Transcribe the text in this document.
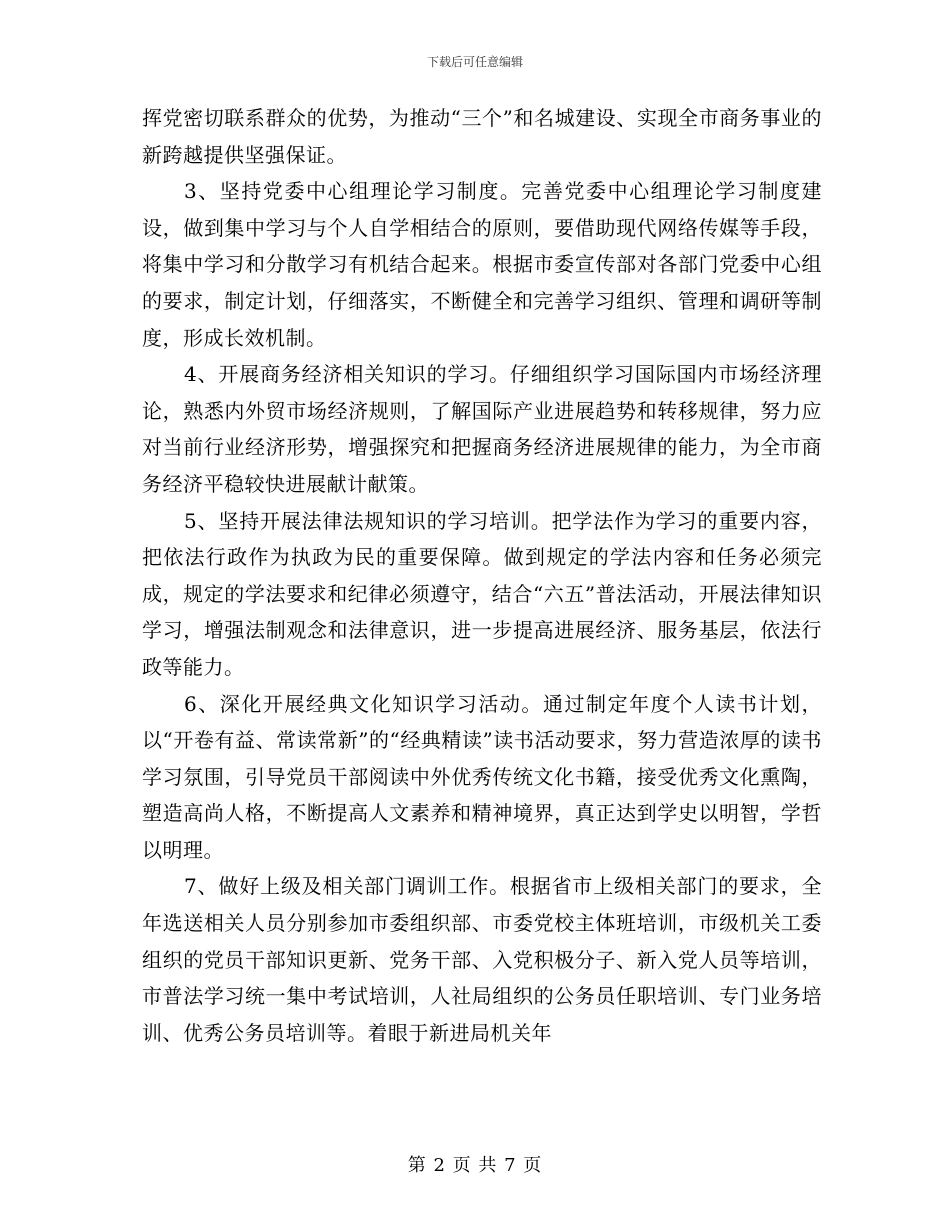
下载后可任意编辑

挥党密切联系群众的优势，为推动“三个”和名城建设、实现全市商务事业的新跨越提供坚强保证。

3、坚持党委中心组理论学习制度。完善党委中心组理论学习制度建设，做到集中学习与个人自学相结合的原则，要借助现代网络传媒等手段，将集中学习和分散学习有机结合起来。根据市委宣传部对各部门党委中心组的要求，制定计划，仔细落实，不断健全和完善学习组织、管理和调研等制度，形成长效机制。

4、开展商务经济相关知识的学习。仔细组织学习国际国内市场经济理论，熟悉内外贸市场经济规则，了解国际产业进展趋势和转移规律，努力应对当前行业经济形势，增强探究和把握商务经济进展规律的能力，为全市商务经济平稳较快进展献计献策。

5、坚持开展法律法规知识的学习培训。把学法作为学习的重要内容，把依法行政作为执政为民的重要保障。做到规定的学法内容和任务必须完成，规定的学法要求和纪律必须遵守，结合“六五”普法活动，开展法律知识学习，增强法制观念和法律意识，进一步提高进展经济、服务基层，依法行政等能力。

6、深化开展经典文化知识学习活动。通过制定年度个人读书计划，以“开卷有益、常读常新”的“经典精读”读书活动要求，努力营造浓厚的读书学习氛围，引导党员干部阅读中外优秀传统文化书籍，接受优秀文化熏陶，塑造高尚人格，不断提高人文素养和精神境界，真正达到学史以明智，学哲以明理。

7、做好上级及相关部门调训工作。根据省市上级相关部门的要求，全年选送相关人员分别参加市委组织部、市委党校主体班培训，市级机关工委组织的党员干部知识更新、党务干部、入党积极分子、新入党人员等培训，市普法学习统一集中考试培训，人社局组织的公务员任职培训、专门业务培训、优秀公务员培训等。着眼于新进局机关年

第 2 页 共 7 页
